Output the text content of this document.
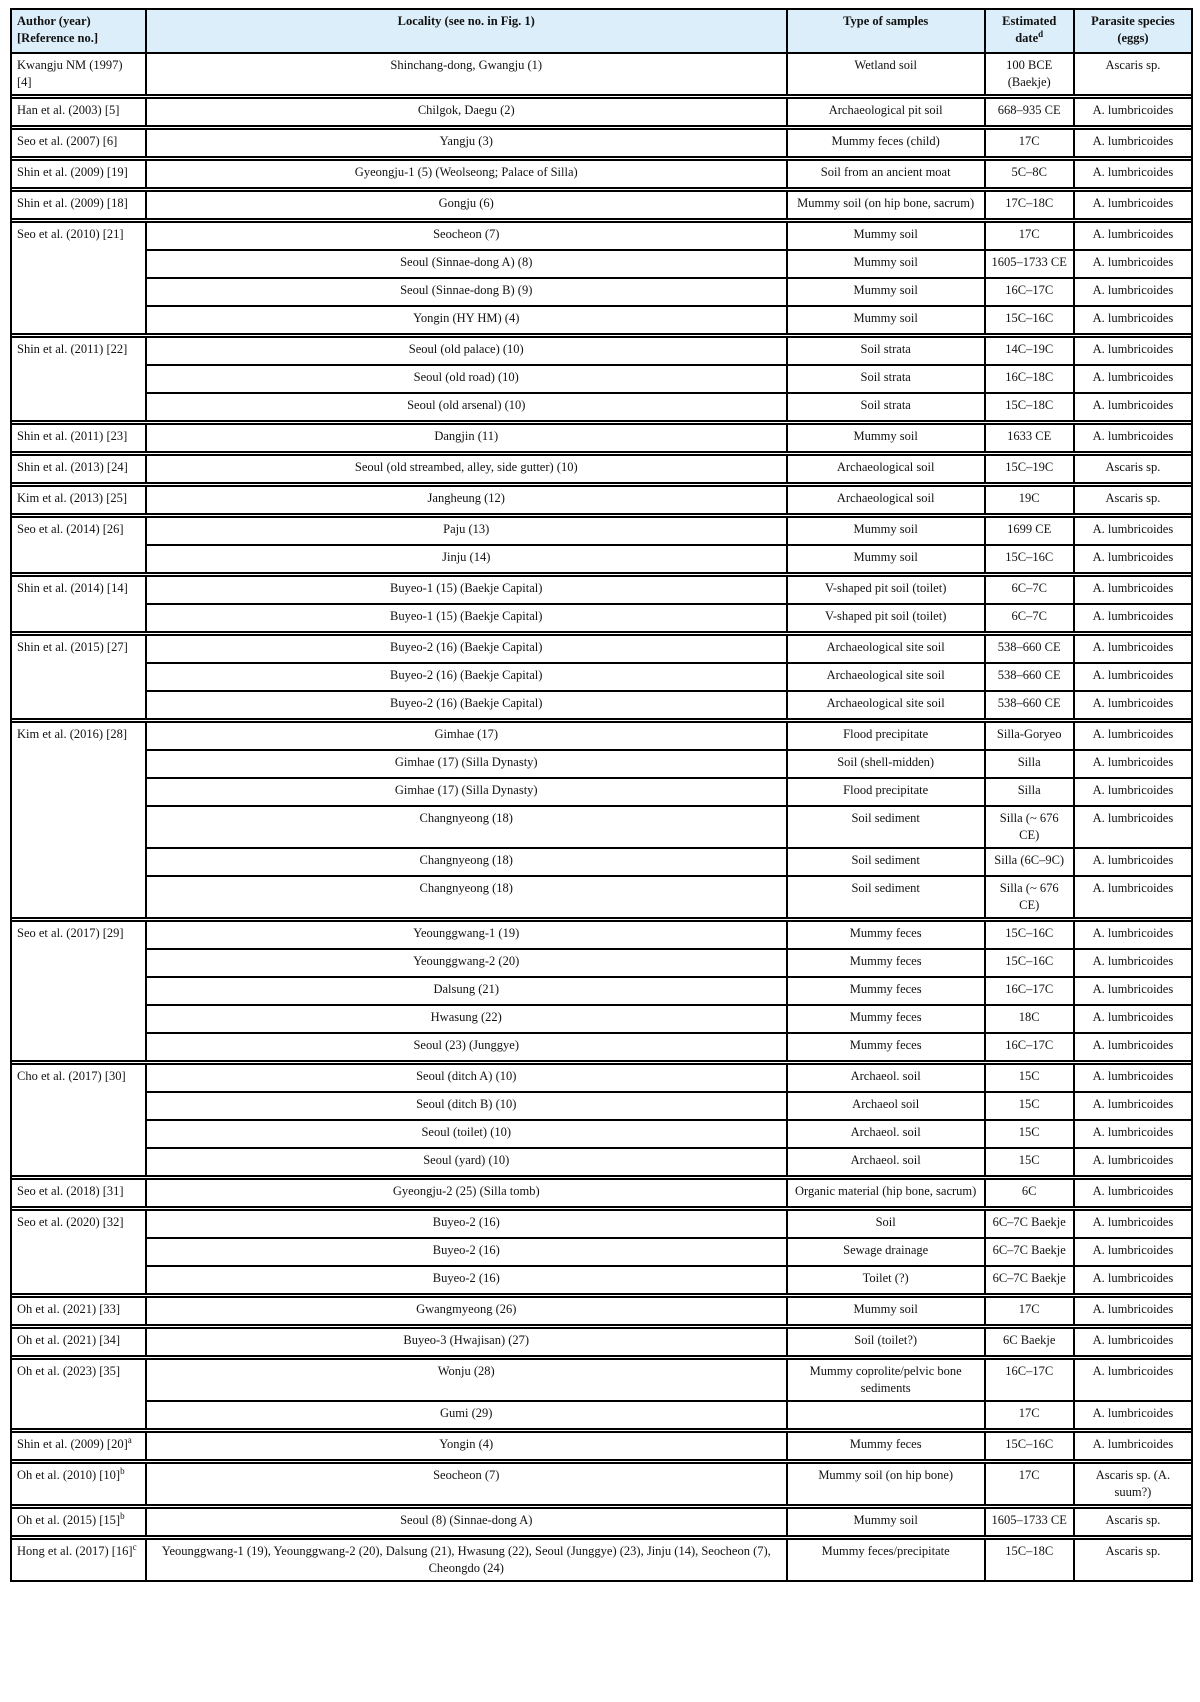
Author (year) [Reference no.]	Locality (see no. in Fig. 1)	Type of samples	Estimated date$^d$	Parasite species (eggs)
Kwangju NM (1997) [4]	Shinchang-dong, Gwangju (1)	Wetland soil	100 BCE (Baekje)	Ascaris sp.

Han et al. (2003) [5]	Chilgok, Daegu (2)	Archaeological pit soil	668–935 CE	A. lumbricoides

Seo et al. (2007) [6]	Yangju (3)	Mummy feces (child)	17C	A. lumbricoides

Shin et al. (2009) [19]	Gyeongju-1 (5) (Weolseong; Palace of Silla)	Soil from an ancient moat	5C–8C	A. lumbricoides

Shin et al. (2009) [18]	Gongju (6)	Mummy soil (on hip bone, sacrum)	17C–18C	A. lumbricoides

Seo et al. (2010) [21]	Seocheon (7)	Mummy soil	17C	A. lumbricoides
	Seoul (Sinnae-dong A) (8)	Mummy soil	1605–1733 CE	A. lumbricoides
	Seoul (Sinnae-dong B) (9)	Mummy soil	16C–17C	A. lumbricoides
	Yongin (HY HM) (4)	Mummy soil	15C–16C	A. lumbricoides

Shin et al. (2011) [22]	Seoul (old palace) (10)	Soil strata	14C–19C	A. lumbricoides
	Seoul (old road) (10)	Soil strata	16C–18C	A. lumbricoides
	Seoul (old arsenal) (10)	Soil strata	15C–18C	A. lumbricoides

Shin et al. (2011) [23]	Dangjin (11)	Mummy soil	1633 CE	A. lumbricoides

Shin et al. (2013) [24]	Seoul (old streambed, alley, side gutter) (10)	Archaeological soil	15C–19C	Ascaris sp.

Kim et al. (2013) [25]	Jangheung (12)	Archaeological soil	19C	Ascaris sp.

Seo et al. (2014) [26]	Paju (13)	Mummy soil	1699 CE	A. lumbricoides
	Jinju (14)	Mummy soil	15C–16C	A. lumbricoides

Shin et al. (2014) [14]	Buyeo-1 (15) (Baekje Capital)	V-shaped pit soil (toilet)	6C–7C	A. lumbricoides
	Buyeo-1 (15) (Baekje Capital)	V-shaped pit soil (toilet)	6C–7C	A. lumbricoides

Shin et al. (2015) [27]	Buyeo-2 (16) (Baekje Capital)	Archaeological site soil	538–660 CE	A. lumbricoides
	Buyeo-2 (16) (Baekje Capital)	Archaeological site soil	538–660 CE	A. lumbricoides
	Buyeo-2 (16) (Baekje Capital)	Archaeological site soil	538–660 CE	A. lumbricoides

Kim et al. (2016) [28]	Gimhae (17)	Flood precipitate	Silla-Goryeo	A. lumbricoides
	Gimhae (17) (Silla Dynasty)	Soil (shell-midden)	Silla	A. lumbricoides
	Gimhae (17) (Silla Dynasty)	Flood precipitate	Silla	A. lumbricoides
	Changnyeong (18)	Soil sediment	Silla (~ 676 CE)	A. lumbricoides
	Changnyeong (18)	Soil sediment	Silla (6C–9C)	A. lumbricoides
	Changnyeong (18)	Soil sediment	Silla (~ 676 CE)	A. lumbricoides

Seo et al. (2017) [29]	Yeounggwang-1 (19)	Mummy feces	15C–16C	A. lumbricoides
	Yeounggwang-2 (20)	Mummy feces	15C–16C	A. lumbricoides
	Dalsung (21)	Mummy feces	16C–17C	A. lumbricoides
	Hwasung (22)	Mummy feces	18C	A. lumbricoides
	Seoul (23) (Junggye)	Mummy feces	16C–17C	A. lumbricoides

Cho et al. (2017) [30]	Seoul (ditch A) (10)	Archaeol. soil	15C	A. lumbricoides
	Seoul (ditch B) (10)	Archaeol soil	15C	A. lumbricoides
	Seoul (toilet) (10)	Archaeol. soil	15C	A. lumbricoides
	Seoul (yard) (10)	Archaeol. soil	15C	A. lumbricoides

Seo et al. (2018) [31]	Gyeongju-2 (25) (Silla tomb)	Organic material (hip bone, sacrum)	6C	A. lumbricoides

Seo et al. (2020) [32]	Buyeo-2 (16)	Soil	6C–7C Baekje	A. lumbricoides
	Buyeo-2 (16)	Sewage drainage	6C–7C Baekje	A. lumbricoides
	Buyeo-2 (16)	Toilet (?)	6C–7C Baekje	A. lumbricoides

Oh et al. (2021) [33]	Gwangmyeong (26)	Mummy soil	17C	A. lumbricoides

Oh et al. (2021) [34]	Buyeo-3 (Hwajisan) (27)	Soil (toilet?)	6C Baekje	A. lumbricoides

Oh et al. (2023) [35]	Wonju (28)	Mummy coprolite/pelvic bone sediments	16C–17C	A. lumbricoides
	Gumi (29)		17C	A. lumbricoides

Shin et al. (2009) $[20]^a$	Yongin (4)	Mummy feces	15C–16C	A. lumbricoides

Oh et al. (2010) $[10]^b$	Seocheon (7)	Mummy soil (on hip bone)	17C	Ascaris sp. (A. suum?)

Oh et al. (2015) $[15]^b$	Seoul (8) (Sinnae-dong A)	Mummy soil	1605–1733 CE	Ascaris sp.

Hong et al. (2017) $[16]^c$	Yeounggwang-1 (19), Yeounggwang-2 (20), Dalsung (21), Hwasung (22), Seoul (Junggye) (23), Jinju (14), Seocheon (7), Cheongdo (24)	Mummy feces/precipitate	15C–18C	Ascaris sp.
